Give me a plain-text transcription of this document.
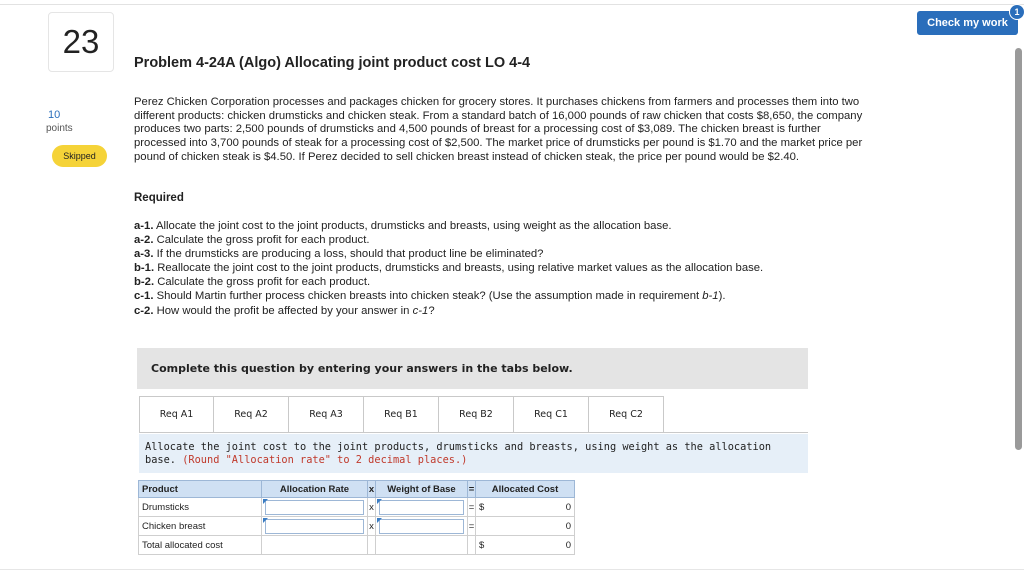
Check my work
1
23
10
points
Skipped
Problem 4-24A (Algo) Allocating joint product cost LO 4-4
Perez Chicken Corporation processes and packages chicken for grocery stores. It purchases chickens from farmers and processes them into two different products: chicken drumsticks and chicken steak. From a standard batch of 16,000 pounds of raw chicken that costs $8,650, the company produces two parts: 2,500 pounds of drumsticks and 4,500 pounds of breast for a processing cost of $3,089. The chicken breast is further processed into 3,700 pounds of steak for a processing cost of $2,500. The market price of drumsticks per pound is $1.70 and the market price per pound of chicken steak is $4.50. If Perez decided to sell chicken breast instead of chicken steak, the price per pound would be $2.40.
Required
a-1. Allocate the joint cost to the joint products, drumsticks and breasts, using weight as the allocation base.
a-2. Calculate the gross profit for each product.
a-3. If the drumsticks are producing a loss, should that product line be eliminated?
b-1. Reallocate the joint cost to the joint products, drumsticks and breasts, using relative market values as the allocation base.
b-2. Calculate the gross profit for each product.
c-1. Should Martin further process chicken breasts into chicken steak? (Use the assumption made in requirement b-1).
c-2. How would the profit be affected by your answer in c-1?
Complete this question by entering your answers in the tabs below.
Req A1	Req A2	Req A3	Req B1	Req B2	Req C1	Req C2
Allocate the joint cost to the joint products, drumsticks and breasts, using weight as the allocation base. (Round "Allocation rate" to 2 decimal places.)
Product	Allocation Rate	x	Weight of Base	=	Allocated Cost
Drumsticks		x		=	$ 0

Chicken breast		x		=	0

Total allocated cost					$ 0
